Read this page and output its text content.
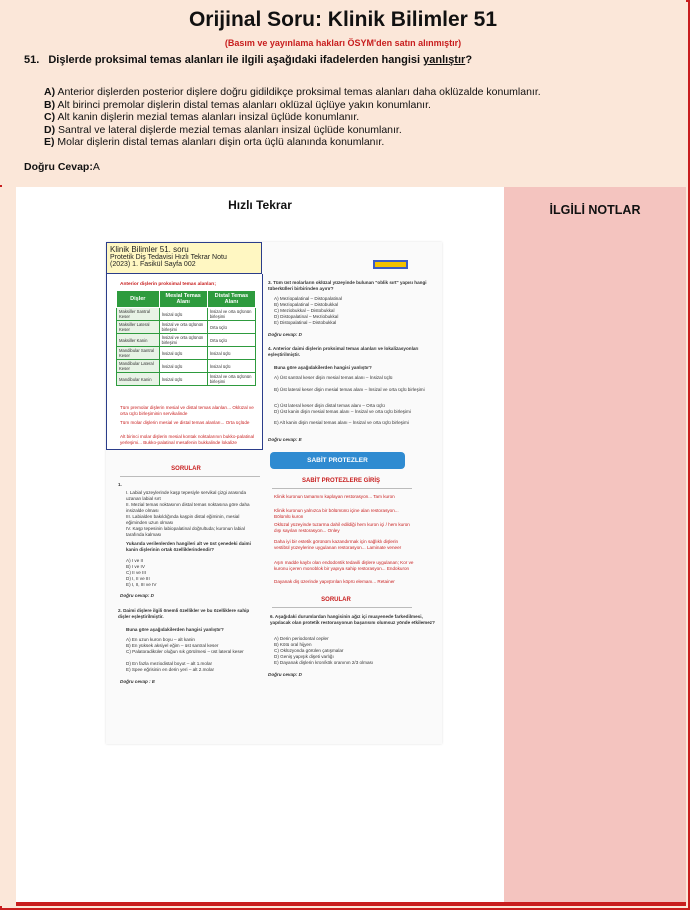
Orijinal Soru: Klinik Bilimler 51
(Basım ve yayınlama hakları ÖSYM'den satın alınmıştır)
51. Dişlerde proksimal temas alanları ile ilgili aşağıdaki ifadelerden hangisi yanlıştır?
A) Anterior dişlerden posterior dişlere doğru gidildikçe proksimal temas alanları daha oklüzalde konumlanır.
B) Alt birinci premolar dişlerin distal temas alanları oklüzal üçlüye yakın konumlanır.
C) Alt kanin dişlerin mezial temas alanları insizal üçlüde konumlanır.
D) Santral ve lateral dişlerde mezial temas alanları insizal üçlüde konumlanır.
E) Molar dişlerin distal temas alanları dişin orta üçlü alanında konumlanır.
Doğru Cevap:A
Hızlı Tekrar	İLGİLİ NOTLAR
Klinik Bilimler 51. soru
Protetik Diş Tedavisi Hızlı Tekrar Notu
(2023) 1. Fasikül Sayfa 002
Anterior dişlerin proksimal temas alanları;
Dişler	Mesial Temas Alanı	Distal Temas Alanı
Maksiller Santral Keser	İnsizal üçlü	İnsizal ve orta üçlünün birleşimi
Maksiller Lateral Keser	İnsizal ve orta üçlünün birleşimi	Orta üçlü
Maksiller Kanin	İnsizal ve orta üçlünün birleşimi	Orta üçlü
Mandibular Santral Keser	İnsizal üçlü	İnsizal üçlü
Mandibular Lateral Keser	İnsizal üçlü	İnsizal üçlü
Mandibular Kanin	İnsizal üçlü	İnsizal ve orta üçlünün birleşimi
Tüm premolar dişlerin mesial ve distal temas alanları... Oklüzal ve orta üçlü birleşiminin servikalinde
Tüm molar dişlerin mesial ve distal temas alanları... Orta üçlüde
Alt birinci molar dişlerin mesial kontak noktalarının bukko-palatinal yerleşimi... Bukko-palatinal mesafenin bukkalinde lokalize
3. Tüm üst molarların oklüzal yüzeyinde bulunan "oblik sırt" yapısı hangi tüberkülleri birbirinden ayırır?
A) Meziopalatinal – Distopalatinal
B) Meziopalatinal – Distobukkal
C) Meziobukkal – Distobukkal
D) Distopalatinal – Meziobukkal
E) Distopalatinal – Distobukkal
Doğru cevap: D
4. Anterior daimi dişlerin proksimal temas alanları ve lokalizasyonları eşleştirilmiştir.
Buna göre aşağıdakilerden hangisi yanlıştır?
A) Üst santral keser dişin mesial temas alanı – İnsizal üçlü
B) Üst lateral keser dişin mesial temas alanı – İnsizal ve orta üçlü birleşimi
C) Üst lateral keser dişin distal temas alanı – Orta üçlü
D) Üst kanin dişin mesial temas alanı – İnsizal ve orta üçlü birleşimi
E) Alt kanin dişin mesial temas alanı – İnsizal ve orta üçlü birleşimi
Doğru cevap: E
SABİT PROTEZLER
SORULAR
1.
I. Labial yüzeylerinde kaşp tepesiyle servikal çizgi arasında uzanan labial sırt
II. Mezial temas noktasının distal temas noktasına göre daha insizalde olması
III. Labialden bakıldığında kaşpin distal eğiminin, mesial eğiminden uzun olması
IV. Kaşp tepesinin labiopalatinal doğrultuda; kuronun labial tarafında kalması
Yukarıda verilenlerden hangileri alt ve üst çenedeki daimi kanin dişlerinin ortak özelliklerindendir?
A) I ve II
B) I ve IV
C) II ve III
D) I, II ve III
E) I, II, III ve IV
Doğru cevap: D
2. Daimi dişlere ilgili önemli özellikler ve bu özelliklere sahip dişler eşleştirilmiştir.
Buna göre aşağıdakilerden hangisi yanlıştır?
A) En uzun kuron boyu – alt kanin
B) En yüksek aksiyel eğim – üst santral keser
C) Palatoradiküler oluğun sık görülmesi – üst lateral keser
D) En fazla meziodistal boyut – alt 1.molar
E) Spee eğrisinin en derin yeri – alt 2.molar
Doğru cevap : E
SABİT PROTEZLERE GİRİŞ
Klinik kuronun tamamını kaplayan restorasyon... Tam kuron
Klinik kuronun yalnızca bir bölümünü içine alan restorasyon... Bölümlü kuron
Oklüzal yüzeyinde tuzarma dahil edildiği hem kuron içi / hem kuron dışı sayılan restorasyon... Onley
Daha iyi bir estetik görünüm kazandırmak için sağlıklı dişlerin vestibül yüzeylerine uygulanan restorasyon... Laminate veneer
Aşırı madde kaybı olan endodontik tedavili dişlere uygulanan; Kor ve kuronu içeren monoblok bir yapıya sahip restorasyon... Endokuron
Dayanak diş üzerinde yapıştırılan köprü elemanı... Retainer
SORULAR
6. Aşağıdaki durumlardan hangisinin ağız içi muayenede farkedilmesi, yapılacak olan protetik restorasyonun başarısını olumsuz yönde etkilemez?
A) Derin periodontal cepler
B) Kötü oral hijyen
C) Oklüzyonda görülen çatışmalar
D) Geniş yapışık dişeti varlığı
E) Dayanak dişlerin kron/kök oranının 2/3 olması
Doğru cevap: D
